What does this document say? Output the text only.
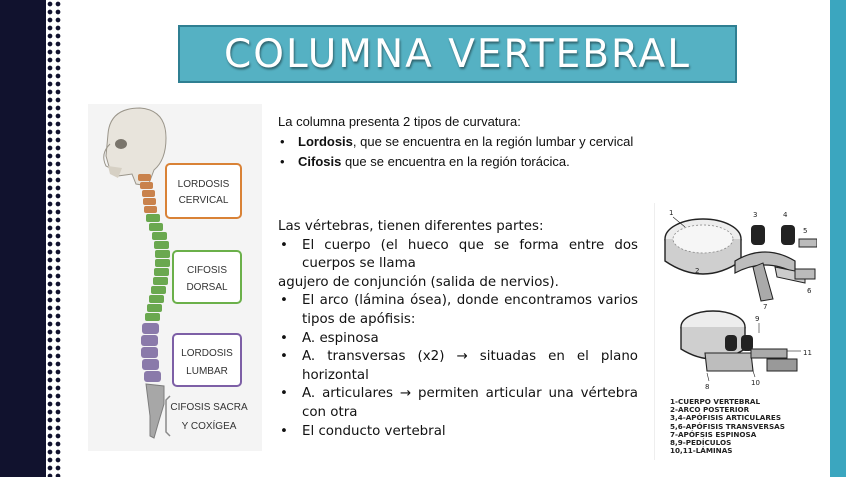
COLUMNA VERTEBRAL
LORDOSIS
CERVICAL
CIFOSIS
DORSAL
LORDOSIS
LUMBAR
CIFOSIS SACRA
Y COXÍGEA
La columna presenta 2 tipos de curvatura:
• Lordosis, que se encuentra en la región lumbar y cervical
• Cifosis que se encuentra en la región torácica.

Las vértebras, tienen diferentes partes:

• El cuerpo (el hueco que se forma entre dos cuerpos se llama

agujero de conjunción (salida de nervios).

• El arco (lámina ósea), donde encontramos varios tipos de apófisis:

• A. espinosa

• A. transversas (x2) → situadas en el plano horizontal

• A. articulares → permiten articular una vértebra con otra

• El conducto vertebral

1
2
3	4
5
6
7
8
9
10
11
1-CUERPO VERTEBRAL
2-ARCO POSTERIOR
3,4-APÓFISIS ARTICULARES
5,6-APÓFISIS TRANSVERSAS
7-APÓFSIS ESPINOSA
8,9-PEDÍCULOS
10,11-LÁMINAS
